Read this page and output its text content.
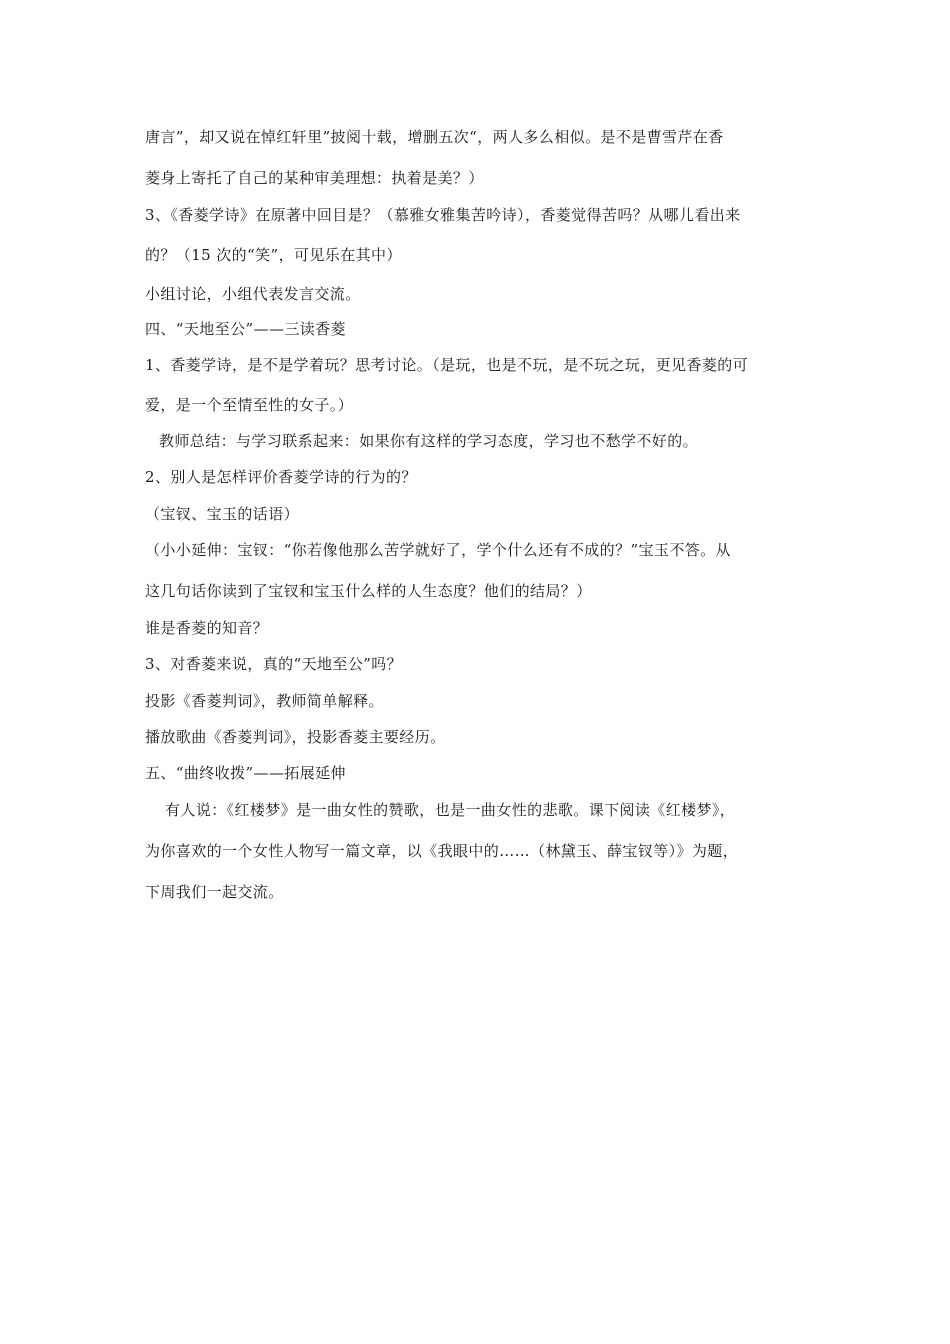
唐言”，却又说在悼红轩里”披阅十载，增删五次“，两人多么相似。是不是曹雪芹在香
菱身上寄托了自己的某种审美理想：执着是美？）
3、《香菱学诗》在原著中回目是？（慕雅女雅集苦吟诗），香菱觉得苦吗？从哪儿看出来
的？（15 次的“笑”，可见乐在其中）
小组讨论，小组代表发言交流。
四、“天地至公”——三读香菱
1、香菱学诗，是不是学着玩？思考讨论。（是玩，也是不玩，是不玩之玩，更见香菱的可
爱，是一个至情至性的女子。）
教师总结：与学习联系起来：如果你有这样的学习态度，学习也不愁学不好的。
2、别人是怎样评价香菱学诗的行为的？
（宝钗、宝玉的话语）
（小小延伸：宝钗：“你若像他那么苦学就好了，学个什么还有不成的？”宝玉不答。从
这几句话你读到了宝钗和宝玉什么样的人生态度？他们的结局？）
谁是香菱的知音？
3、对香菱来说，真的“天地至公”吗？
投影《香菱判词》，教师简单解释。
播放歌曲《香菱判词》，投影香菱主要经历。
五、“曲终收拨”——拓展延伸
有人说：《红楼梦》是一曲女性的赞歌，也是一曲女性的悲歌。课下阅读《红楼梦》，
为你喜欢的一个女性人物写一篇文章，以《我眼中的……（林黛玉、薛宝钗等）》为题，
下周我们一起交流。
